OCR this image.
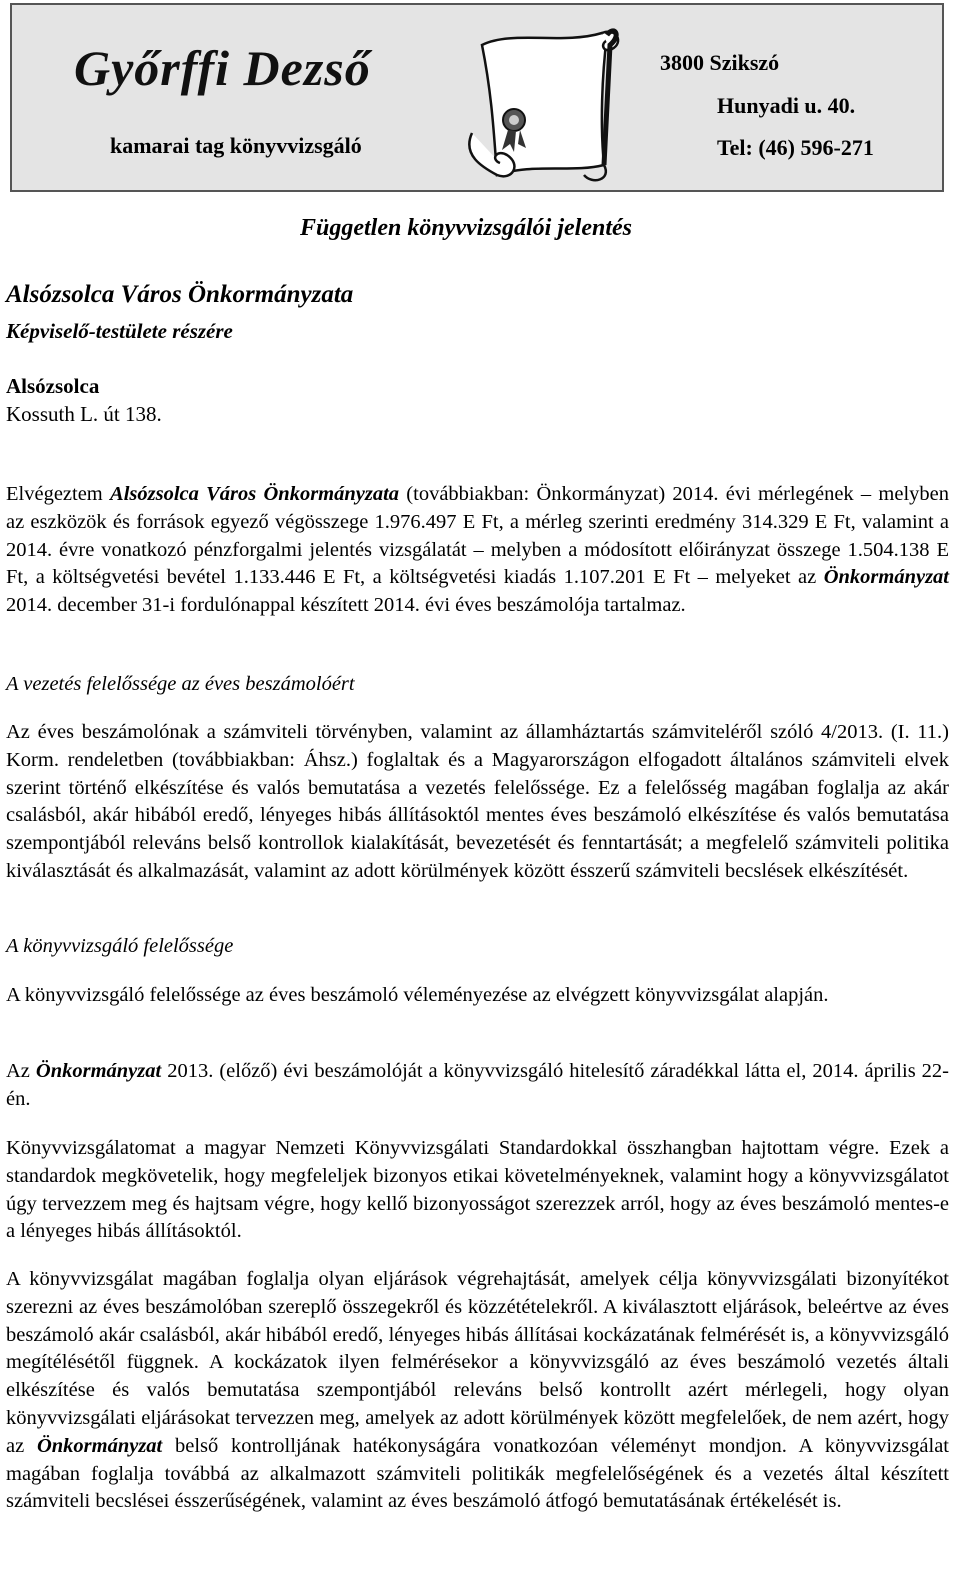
Győrffi Dezső
kamarai tag könyvvizsgáló
3800 Szikszó
Hunyadi u. 40.
Tel: (46) 596-271
Független könyvvizsgálói jelentés
Alsózsolca Város Önkormányzata
Képviselő-testülete részére
Alsózsolca
Kossuth L. út 138.

Elvégeztem Alsózsolca Város Önkormányzata (továbbiakban: Önkormányzat) 2014. évi mérlegének – melyben az eszközök és források egyező végösszege 1.976.497 E Ft, a mérleg szerinti eredmény 314.329 E Ft, valamint a 2014. évre vonatkozó pénzforgalmi jelentés vizsgálatát – melyben a módosított előirányzat összege 1.504.138 E Ft, a költségvetési bevétel 1.133.446 E Ft, a költségvetési kiadás 1.107.201 E Ft – melyeket az Önkormányzat 2014. december 31-i fordulónappal készített 2014. évi éves beszámolója tartalmaz.

A vezetés felelőssége az éves beszámolóért
Az éves beszámolónak a számviteli törvényben, valamint az államháztartás számviteléről szóló 4/2013. (I. 11.) Korm. rendeletben (továbbiakban: Áhsz.) foglaltak és a Magyarországon elfogadott általános számviteli elvek szerint történő elkészítése és valós bemutatása a vezetés felelőssége. Ez a felelősség magában foglalja az akár csalásból, akár hibából eredő, lényeges hibás állításoktól mentes éves beszámoló elkészítése és valós bemutatása szempontjából releváns belső kontrollok kialakítását, bevezetését és fenntartását; a megfelelő számviteli politika kiválasztását és alkalmazását, valamint az adott körülmények között ésszerű számviteli becslések elkészítését.
A könyvvizsgáló felelőssége
A könyvvizsgáló felelőssége az éves beszámoló véleményezése az elvégzett könyvvizsgálat alapján.

Az Önkormányzat 2013. (előző) évi beszámolóját a könyvvizsgáló hitelesítő záradékkal látta el, 2014. április 22-én.

Könyvvizsgálatomat a magyar Nemzeti Könyvvizsgálati Standardokkal összhangban hajtottam végre. Ezek a standardok megkövetelik, hogy megfeleljek bizonyos etikai követelményeknek, valamint hogy a könyvvizsgálatot úgy tervezzem meg és hajtsam végre, hogy kellő bizonyosságot szerezzek arról, hogy az éves beszámoló mentes-e a lényeges hibás állításoktól.

A könyvvizsgálat magában foglalja olyan eljárások végrehajtását, amelyek célja könyvvizsgálati bizonyítékot szerezni az éves beszámolóban szereplő összegekről és közzétételekről. A kiválasztott eljárások, beleértve az éves beszámoló akár csalásból, akár hibából eredő, lényeges hibás állításai kockázatának felmérését is, a könyvvizsgáló megítélésétől függnek. A kockázatok ilyen felmérésekor a könyvvizsgáló az éves beszámoló vezetés általi elkészítése és valós bemutatása szempontjából releváns belső kontrollt azért mérlegeli, hogy olyan könyvvizsgálati eljárásokat tervezzen meg, amelyek az adott körülmények között megfelelőek, de nem azért, hogy az Önkormányzat belső kontrolljának hatékonyságára vonatkozóan véleményt mondjon. A könyvvizsgálat magában foglalja továbbá az alkalmazott számviteli politikák megfelelőségének és a vezetés által készített számviteli becslései ésszerűségének, valamint az éves beszámoló átfogó bemutatásának értékelését is.
